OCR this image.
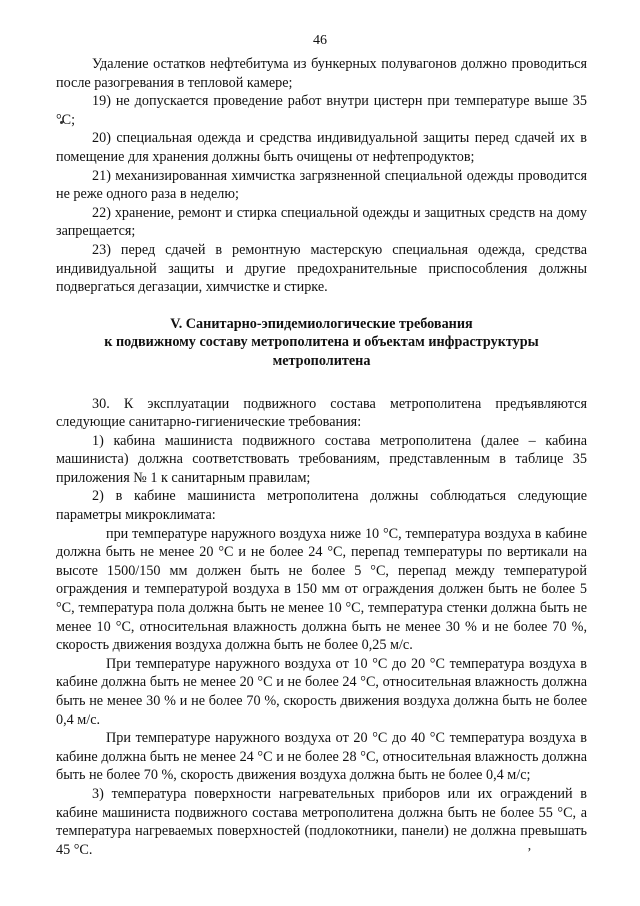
46

Удаление остатков нефтебитума из бункерных полувагонов должно проводиться после разогревания в тепловой камере;

19) не допускается проведение работ внутри цистерн при температуре выше 35 °С;

20) специальная одежда и средства индивидуальной защиты перед сдачей их в помещение для хранения должны быть очищены от нефтепродуктов;

21) механизированная химчистка загрязненной специальной одежды проводится не реже одного раза в неделю;

22) хранение, ремонт и стирка специальной одежды и защитных средств на дому запрещается;

23) перед сдачей в ремонтную мастерскую специальная одежда, средства индивидуальной защиты и другие предохранительные приспособления должны подвергаться дегазации, химчистке и стирке.

V. Санитарно-эпидемиологические требования
к подвижному составу метрополитена и объектам инфраструктуры
метрополитена

30. К эксплуатации подвижного состава метрополитена предъявляются следующие санитарно-гигиенические требования:

1) кабина машиниста подвижного состава метрополитена (далее – кабина машиниста) должна соответствовать требованиям, представленным в таблице 35 приложения № 1 к санитарным правилам;

2) в кабине машиниста метрополитена должны соблюдаться следующие параметры микроклимата:

при температуре наружного воздуха ниже 10 °С, температура воздуха в кабине должна быть не менее 20 °С и не более 24 °С, перепад температуры по вертикали на высоте 1500/150 мм должен быть не более 5 °С, перепад между температурой ограждения и температурой воздуха в 150 мм от ограждения должен быть не более 5 °С, температура пола должна быть не менее 10 °С, температура стенки должна быть не менее 10 °С, относительная влажность должна быть не менее 30 % и не более 70 %, скорость движения воздуха должна быть не более 0,25 м/с.

При температуре наружного воздуха от 10 °С до 20 °С температура воздуха в кабине должна быть не менее 20 °С и не более 24 °С, относительная влажность должна быть не менее 30 % и не более 70 %, скорость движения воздуха должна быть не более 0,4 м/с.

При температуре наружного воздуха от 20 °С до 40 °С температура воздуха в кабине должна быть не менее 24 °С и не более 28 °С, относительная влажность должна быть не более 70 %, скорость движения воздуха должна быть не более 0,4 м/с;

3) температура поверхности нагревательных приборов или их ограждений в кабине машиниста подвижного состава метрополитена должна быть не более 55 °С, а температура нагреваемых поверхностей (подлокотники, панели) не должна превышать 45 °С.	ʼ
